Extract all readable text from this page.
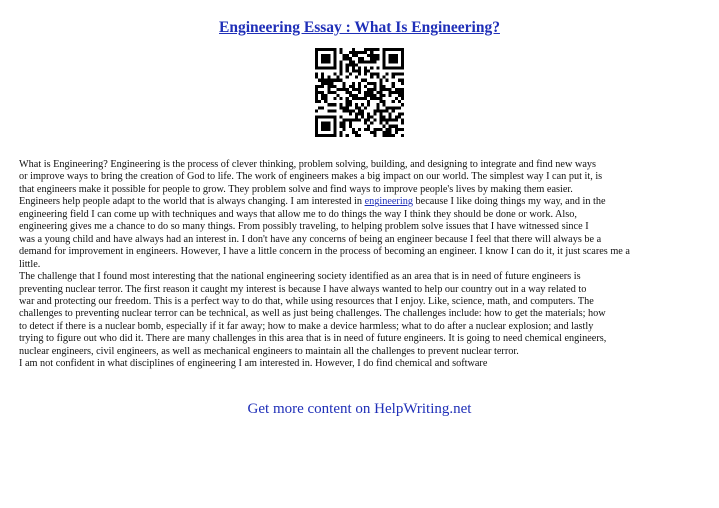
Engineering Essay : What Is Engineering?
What is Engineering? Engineering is the process of clever thinking, problem solving, building, and designing to integrate and find new ways
or improve ways to bring the creation of God to life. The work of engineers makes a big impact on our world. The simplest way I can put it, is
that engineers make it possible for people to grow. They problem solve and find ways to improve people's lives by making them easier.
Engineers help people adapt to the world that is always changing. I am interested in engineering because I like doing things my way, and in the
engineering field I can come up with techniques and ways that allow me to do things the way I think they should be done or work. Also,
engineering gives me a chance to do so many things. From possibly traveling, to helping problem solve issues that I have witnessed since I
was a young child and have always had an interest in. I don't have any concerns of being an engineer because I feel that there will always be a
demand for improvement in engineers. However, I have a little concern in the process of becoming an engineer. I know I can do it, it just scares me a
little.
The challenge that I found most interesting that the national engineering society identified as an area that is in need of future engineers is
preventing nuclear terror. The first reason it caught my interest is because I have always wanted to help our country out in a way related to
war and protecting our freedom. This is a perfect way to do that, while using resources that I enjoy. Like, science, math, and computers. The
challenges to preventing nuclear terror can be technical, as well as just being challenges. The challenges include: how to get the materials; how
to detect if there is a nuclear bomb, especially if it far away; how to make a device harmless; what to do after a nuclear explosion; and lastly
trying to figure out who did it. There are many challenges in this area that is in need of future engineers. It is going to need chemical engineers,
nuclear engineers, civil engineers, as well as mechanical engineers to maintain all the challenges to prevent nuclear terror.
I am not confident in what disciplines of engineering I am interested in. However, I do find chemical and software
Get more content on HelpWriting.net
